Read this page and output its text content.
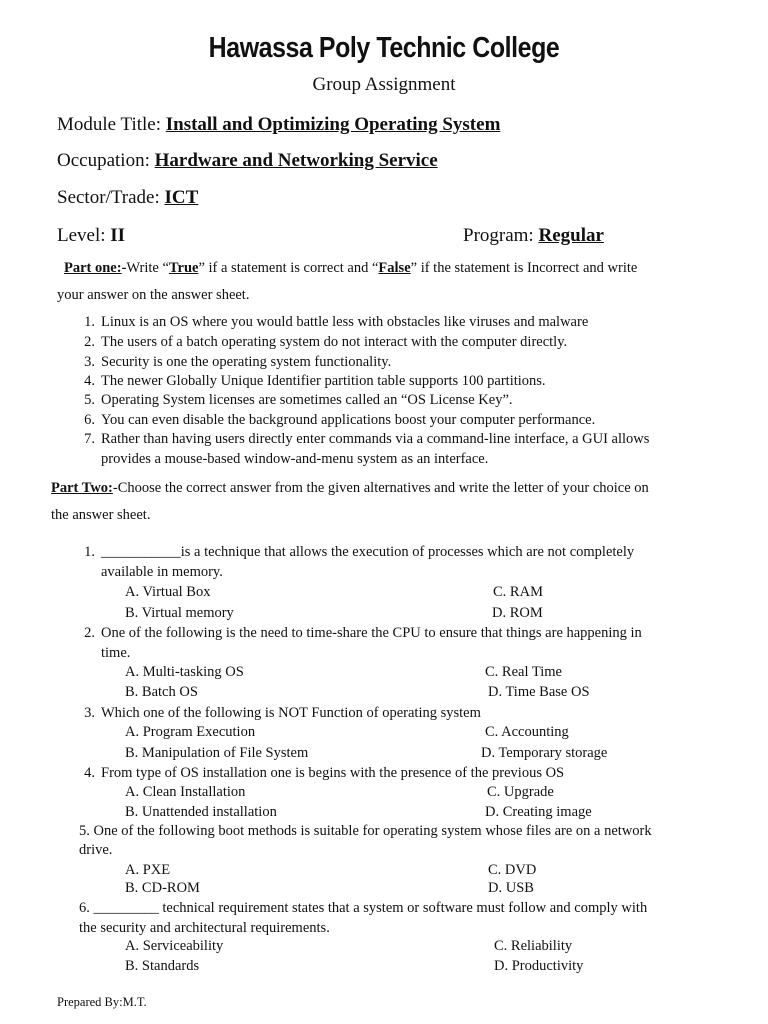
Hawassa Poly Technic College
Group Assignment
Module Title: Install and Optimizing Operating System
Occupation: Hardware and Networking Service
Sector/Trade: ICT
Level: II	Program: Regular
Part one:-Write “True” if a statement is correct and “False” if the statement is Incorrect and write
your answer on the answer sheet.
1. Linux is an OS where you would battle less with obstacles like viruses and malware
2. The users of a batch operating system do not interact with the computer directly.
3. Security is one the operating system functionality.
4. The newer Globally Unique Identifier partition table supports 100 partitions.
5. Operating System licenses are sometimes called an “OS License Key”.
6. You can even disable the background applications boost your computer performance.
7. Rather than having users directly enter commands via a command-line interface, a GUI allows
provides a mouse-based window-and-menu system as an interface.
Part Two:-Choose the correct answer from the given alternatives and write the letter of your choice on
the answer sheet.
1. ___________is a technique that allows the execution of processes which are not completely
available in memory.
A. Virtual Box	C. RAM
B. Virtual memory	D. ROM
2. One of the following is the need to time-share the CPU to ensure that things are happening in
time.
A. Multi-tasking OS	C. Real Time
B. Batch OS	D. Time Base OS
3. Which one of the following is NOT Function of operating system
A. Program Execution	C. Accounting
B. Manipulation of File System	D. Temporary storage
4. From type of OS installation one is begins with the presence of the previous OS
A. Clean Installation	C. Upgrade
B. Unattended installation	D. Creating image
5. One of the following boot methods is suitable for operating system whose files are on a network
drive.
A. PXE	C. DVD
B. CD-ROM	D. USB
6. _________ technical requirement states that a system or software must follow and comply with
the security and architectural requirements.
A. Serviceability	C. Reliability
B. Standards	D. Productivity
Prepared By:M.T.
